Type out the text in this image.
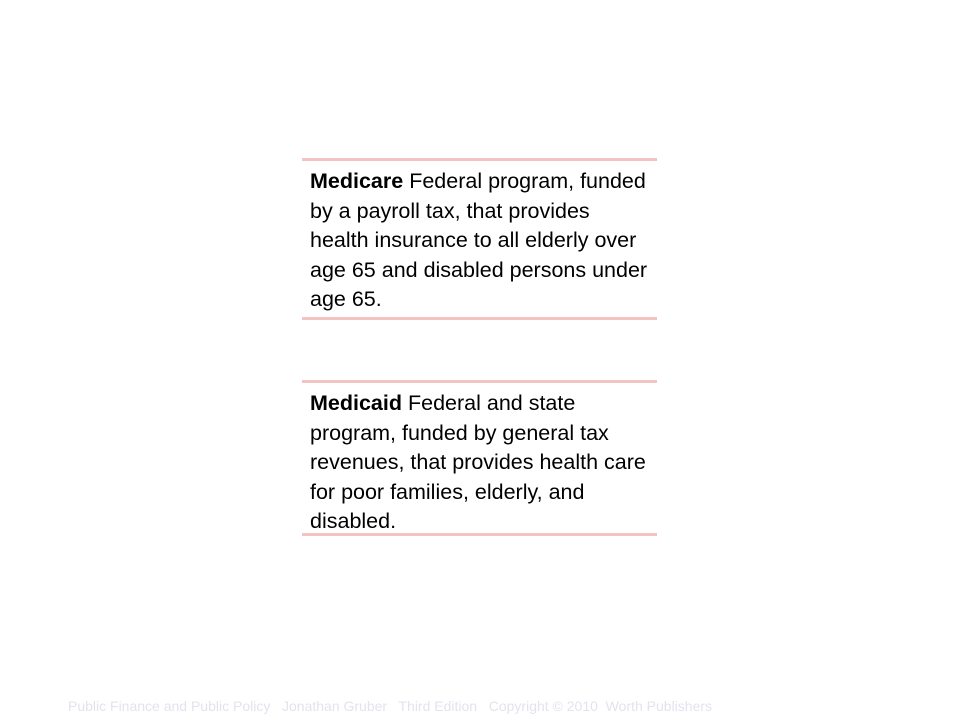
Medicare Federal program, funded by a payroll tax, that provides health insurance to all elderly over age 65 and disabled persons under age 65.

Medicaid Federal and state program, funded by general tax revenues, that provides health care for poor families, elderly, and disabled.

Public Finance and Public Policy   Jonathan Gruber   Third Edition   Copyright © 2010  Worth Publishers
